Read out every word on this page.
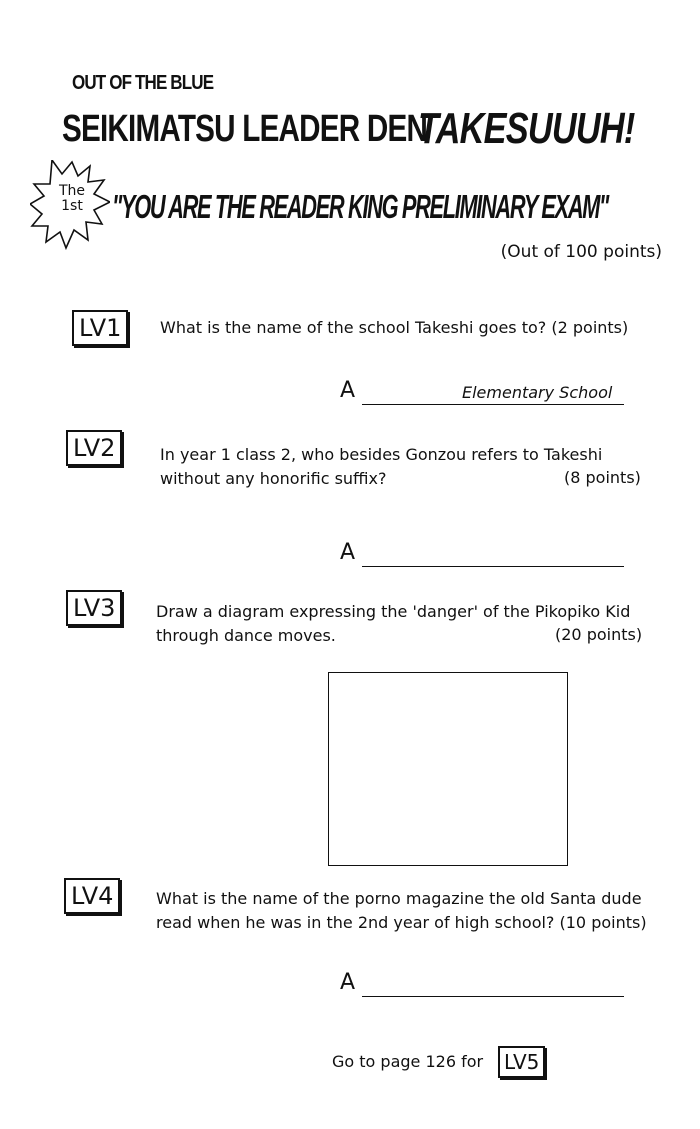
OUT OF THE BLUE
SEIKIMATSU LEADER DEN
TAKESUUUH!
The 1st "YOU ARE THE READER KING PRELIMINARY EXAM"
(Out of 100 points)
LV1	What is the name of the school Takeshi goes to? (2 points)
A	Elementary School
LV2	In year 1 class 2, who besides Gonzou refers to Takeshi
without any honorific suffix?	(8 points)
A
LV3	Draw a diagram expressing the 'danger' of the Pikopiko Kid
through dance moves.	(20 points)
LV4	What is the name of the porno magazine the old Santa dude
read when he was in the 2nd year of high school? (10 points)
A
Go to page 126 for	LV5
